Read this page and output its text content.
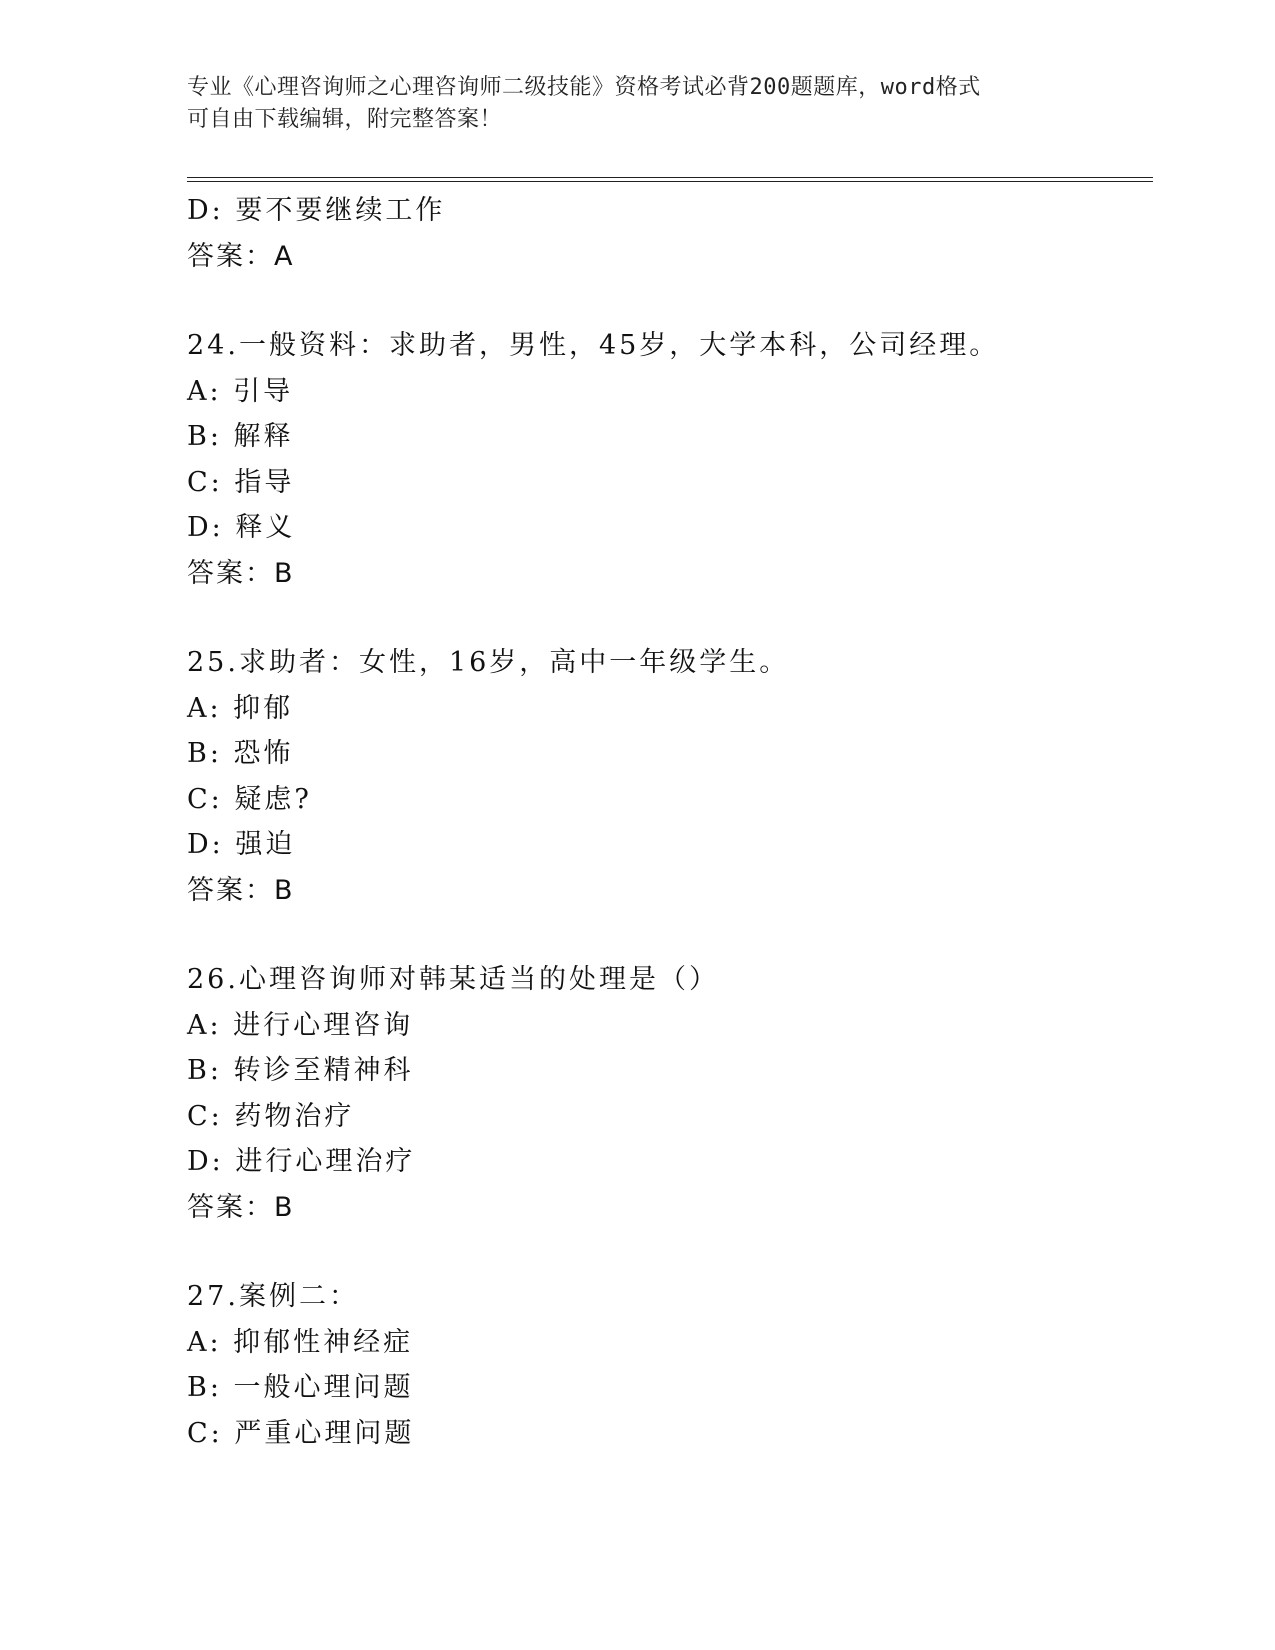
专业《心理咨询师之心理咨询师二级技能》资格考试必背200题题库，word格式
可自由下载编辑，附完整答案！
D: 要不要继续工作
答案：A
24.一般资料：求助者，男性，45岁，大学本科，公司经理。
A: 引导
B: 解释
C: 指导
D: 释义
答案：B
25.求助者：女性，16岁，高中一年级学生。
A: 抑郁
B: 恐怖
C: 疑虑?
D: 强迫
答案：B
26.心理咨询师对韩某适当的处理是（）
A: 进行心理咨询
B: 转诊至精神科
C: 药物治疗
D: 进行心理治疗
答案：B
27.案例二：
A: 抑郁性神经症
B: 一般心理问题
C: 严重心理问题
